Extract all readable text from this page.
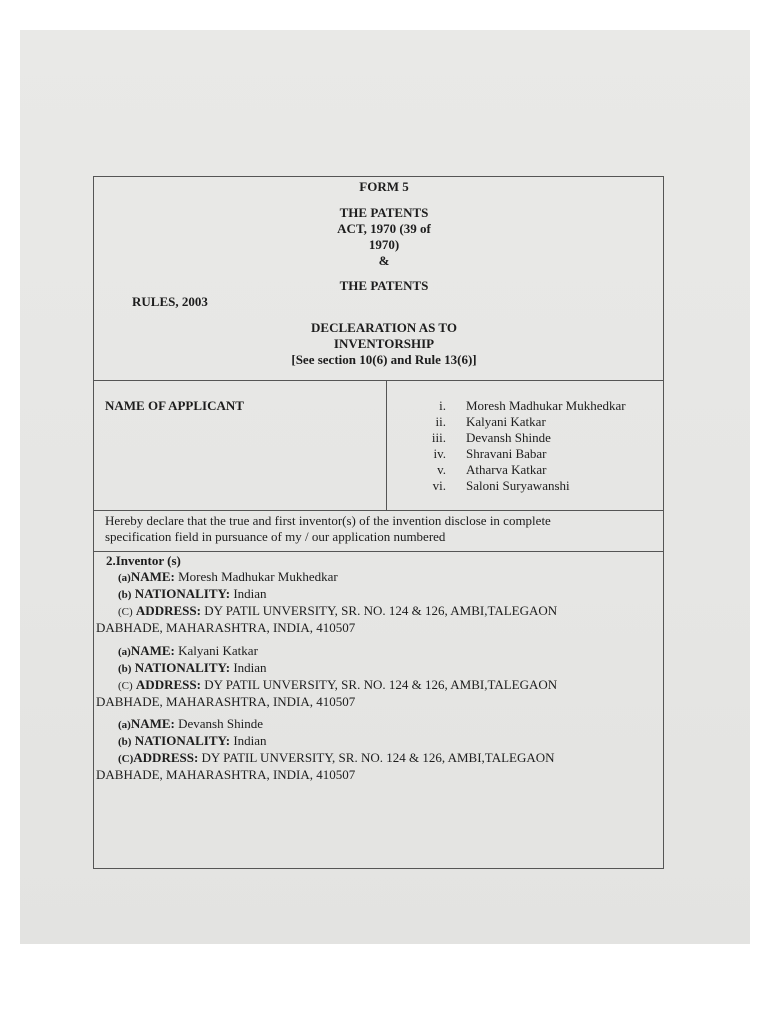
FORM 5
THE PATENTS
ACT, 1970 (39 of
1970)
&
THE PATENTS
RULES, 2003
DECLEARATION AS TO
INVENTORSHIP
[See section 10(6) and Rule 13(6)]
NAME OF APPLICANT	i. Moresh Madhukar Mukhedkar
ii. Kalyani Katkar
iii. Devansh Shinde
iv. Shravani Babar
v. Atharva Katkar
vi. Saloni Suryawanshi
Hereby declare that the true and first inventor(s) of the invention disclose in complete
specification field in pursuance of my / our application numbered
2.Inventor (s)
(a)NAME: Moresh Madhukar Mukhedkar
(b) NATIONALITY: Indian
(C) ADDRESS: DY PATIL UNVERSITY, SR. NO. 124 & 126, AMBI,TALEGAON
DABHADE, MAHARASHTRA, INDIA, 410507
(a)NAME: Kalyani Katkar
(b) NATIONALITY: Indian
(C) ADDRESS: DY PATIL UNVERSITY, SR. NO. 124 & 126, AMBI,TALEGAON
DABHADE, MAHARASHTRA, INDIA, 410507
(a)NAME: Devansh Shinde
(b) NATIONALITY: Indian
(C)ADDRESS: DY PATIL UNVERSITY, SR. NO. 124 & 126, AMBI,TALEGAON
DABHADE, MAHARASHTRA, INDIA, 410507
